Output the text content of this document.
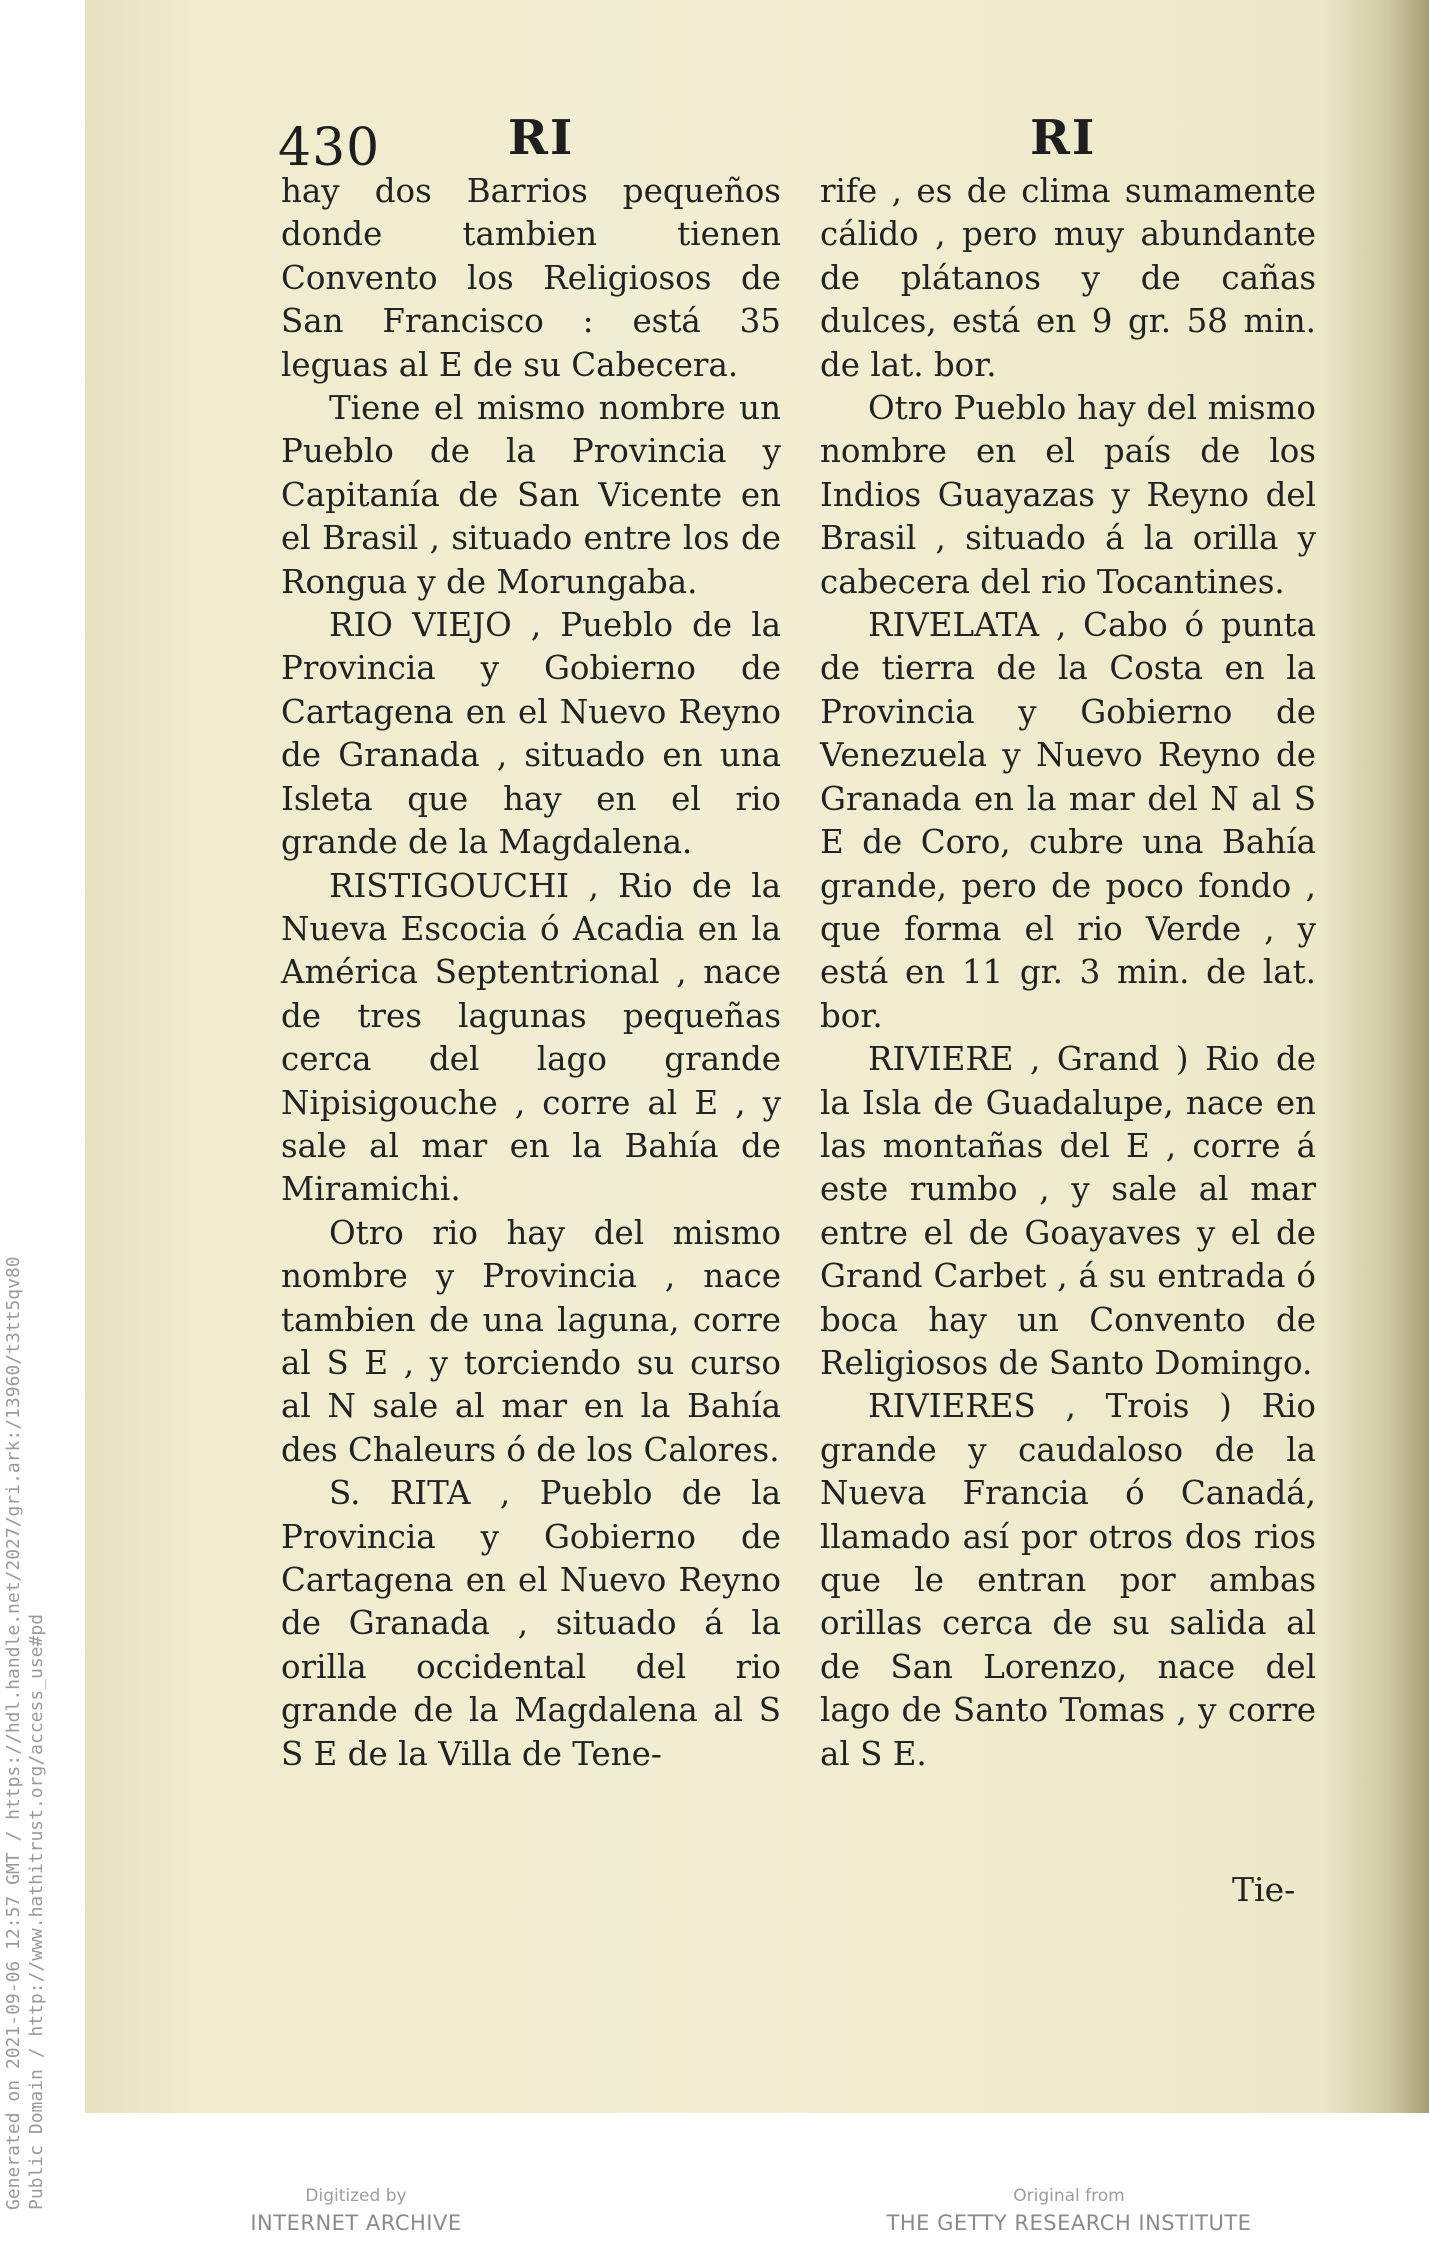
Generated on 2021-09-06 12:57 GMT / https://hdl.handle.net/2027/gri.ark:/13960/t3tt5qv80 Public Domain / http://www.hathitrust.org/access_use#pd
430	RI	RI

hay dos Barrios pequeños donde tambien tienen Convento los Religiosos de San Francisco : está 35 leguas al E de su Cabecera.

Tiene el mismo nombre un Pueblo de la Provincia y Capitanía de San Vicente en el Brasil , situado entre los de Rongua y de Morungaba.

RIO VIEJO , Pueblo de la Provincia y Gobierno de Cartagena en el Nuevo Reyno de Granada , situado en una Isleta que hay en el rio grande de la Magdalena.

RISTIGOUCHI , Rio de la Nueva Escocia ó Acadia en la América Septentrional , nace de tres lagunas pequeñas cerca del lago grande Nipisigouche , corre al E , y sale al mar en la Bahía de Miramichi.

Otro rio hay del mismo nombre y Provincia , nace tambien de una laguna, corre al S E , y torciendo su curso al N sale al mar en la Bahía des Chaleurs ó de los Calores.

S. RITA , Pueblo de la Provincia y Gobierno de Cartagena en el Nuevo Reyno de Granada , situado á la orilla occidental del rio grande de la Magdalena al S S E de la Villa de Tene-

rife , es de clima sumamente cálido , pero muy abundante de plátanos y de cañas dulces, está en 9 gr. 58 min. de lat. bor.

Otro Pueblo hay del mismo nombre en el país de los Indios Guayazas y Reyno del Brasil , situado á la orilla y cabecera del rio Tocantines.

RIVELATA , Cabo ó punta de tierra de la Costa en la Provincia y Gobierno de Venezuela y Nuevo Reyno de Granada en la mar del N al S E de Coro, cubre una Bahía grande, pero de poco fondo , que forma el rio Verde , y está en 11 gr. 3 min. de lat. bor.

RIVIERE , Grand ) Rio de la Isla de Guadalupe, nace en las montañas del E , corre á este rumbo , y sale al mar entre el de Goayaves y el de Grand Carbet , á su entrada ó boca hay un Convento de Religiosos de Santo Domingo.

RIVIERES , Trois ) Rio grande y caudaloso de la Nueva Francia ó Canadá, llamado así por otros dos rios que le entran por ambas orillas cerca de su salida al de San Lorenzo, nace del lago de Santo Tomas , y corre al S E.

Tie-
Digitized by
INTERNET ARCHIVE
Original from
THE GETTY RESEARCH INSTITUTE
